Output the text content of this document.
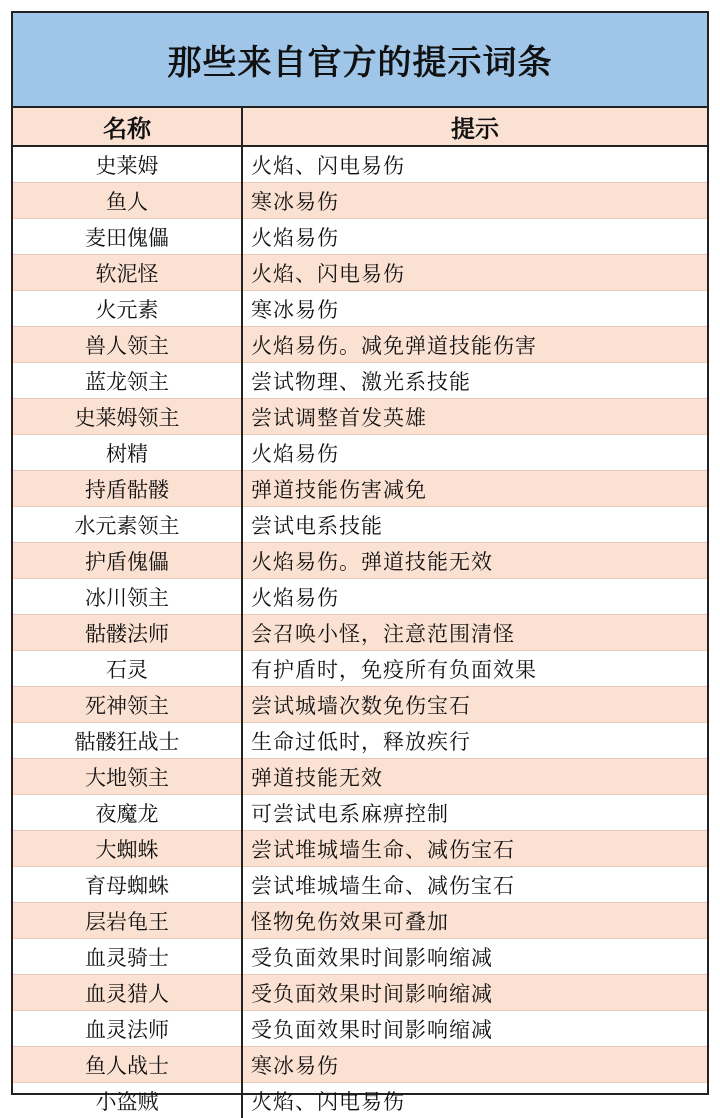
那些来自官方的提示词条
名称	提示
史莱姆	火焰、闪电易伤
鱼人	寒冰易伤
麦田傀儡	火焰易伤
软泥怪	火焰、闪电易伤
火元素	寒冰易伤
兽人领主	火焰易伤。减免弹道技能伤害
蓝龙领主	尝试物理、激光系技能
史莱姆领主	尝试调整首发英雄
树精	火焰易伤
持盾骷髅	弹道技能伤害减免
水元素领主	尝试电系技能
护盾傀儡	火焰易伤。弹道技能无效
冰川领主	火焰易伤
骷髅法师	会召唤小怪，注意范围清怪
石灵	有护盾时，免疫所有负面效果
死神领主	尝试城墙次数免伤宝石
骷髅狂战士	生命过低时，释放疾行
大地领主	弹道技能无效
夜魔龙	可尝试电系麻痹控制
大蜘蛛	尝试堆城墙生命、减伤宝石
育母蜘蛛	尝试堆城墙生命、减伤宝石
层岩龟王	怪物免伤效果可叠加
血灵骑士	受负面效果时间影响缩减
血灵猎人	受负面效果时间影响缩减
血灵法师	受负面效果时间影响缩减
鱼人战士	寒冰易伤
小盗贼	火焰、闪电易伤
